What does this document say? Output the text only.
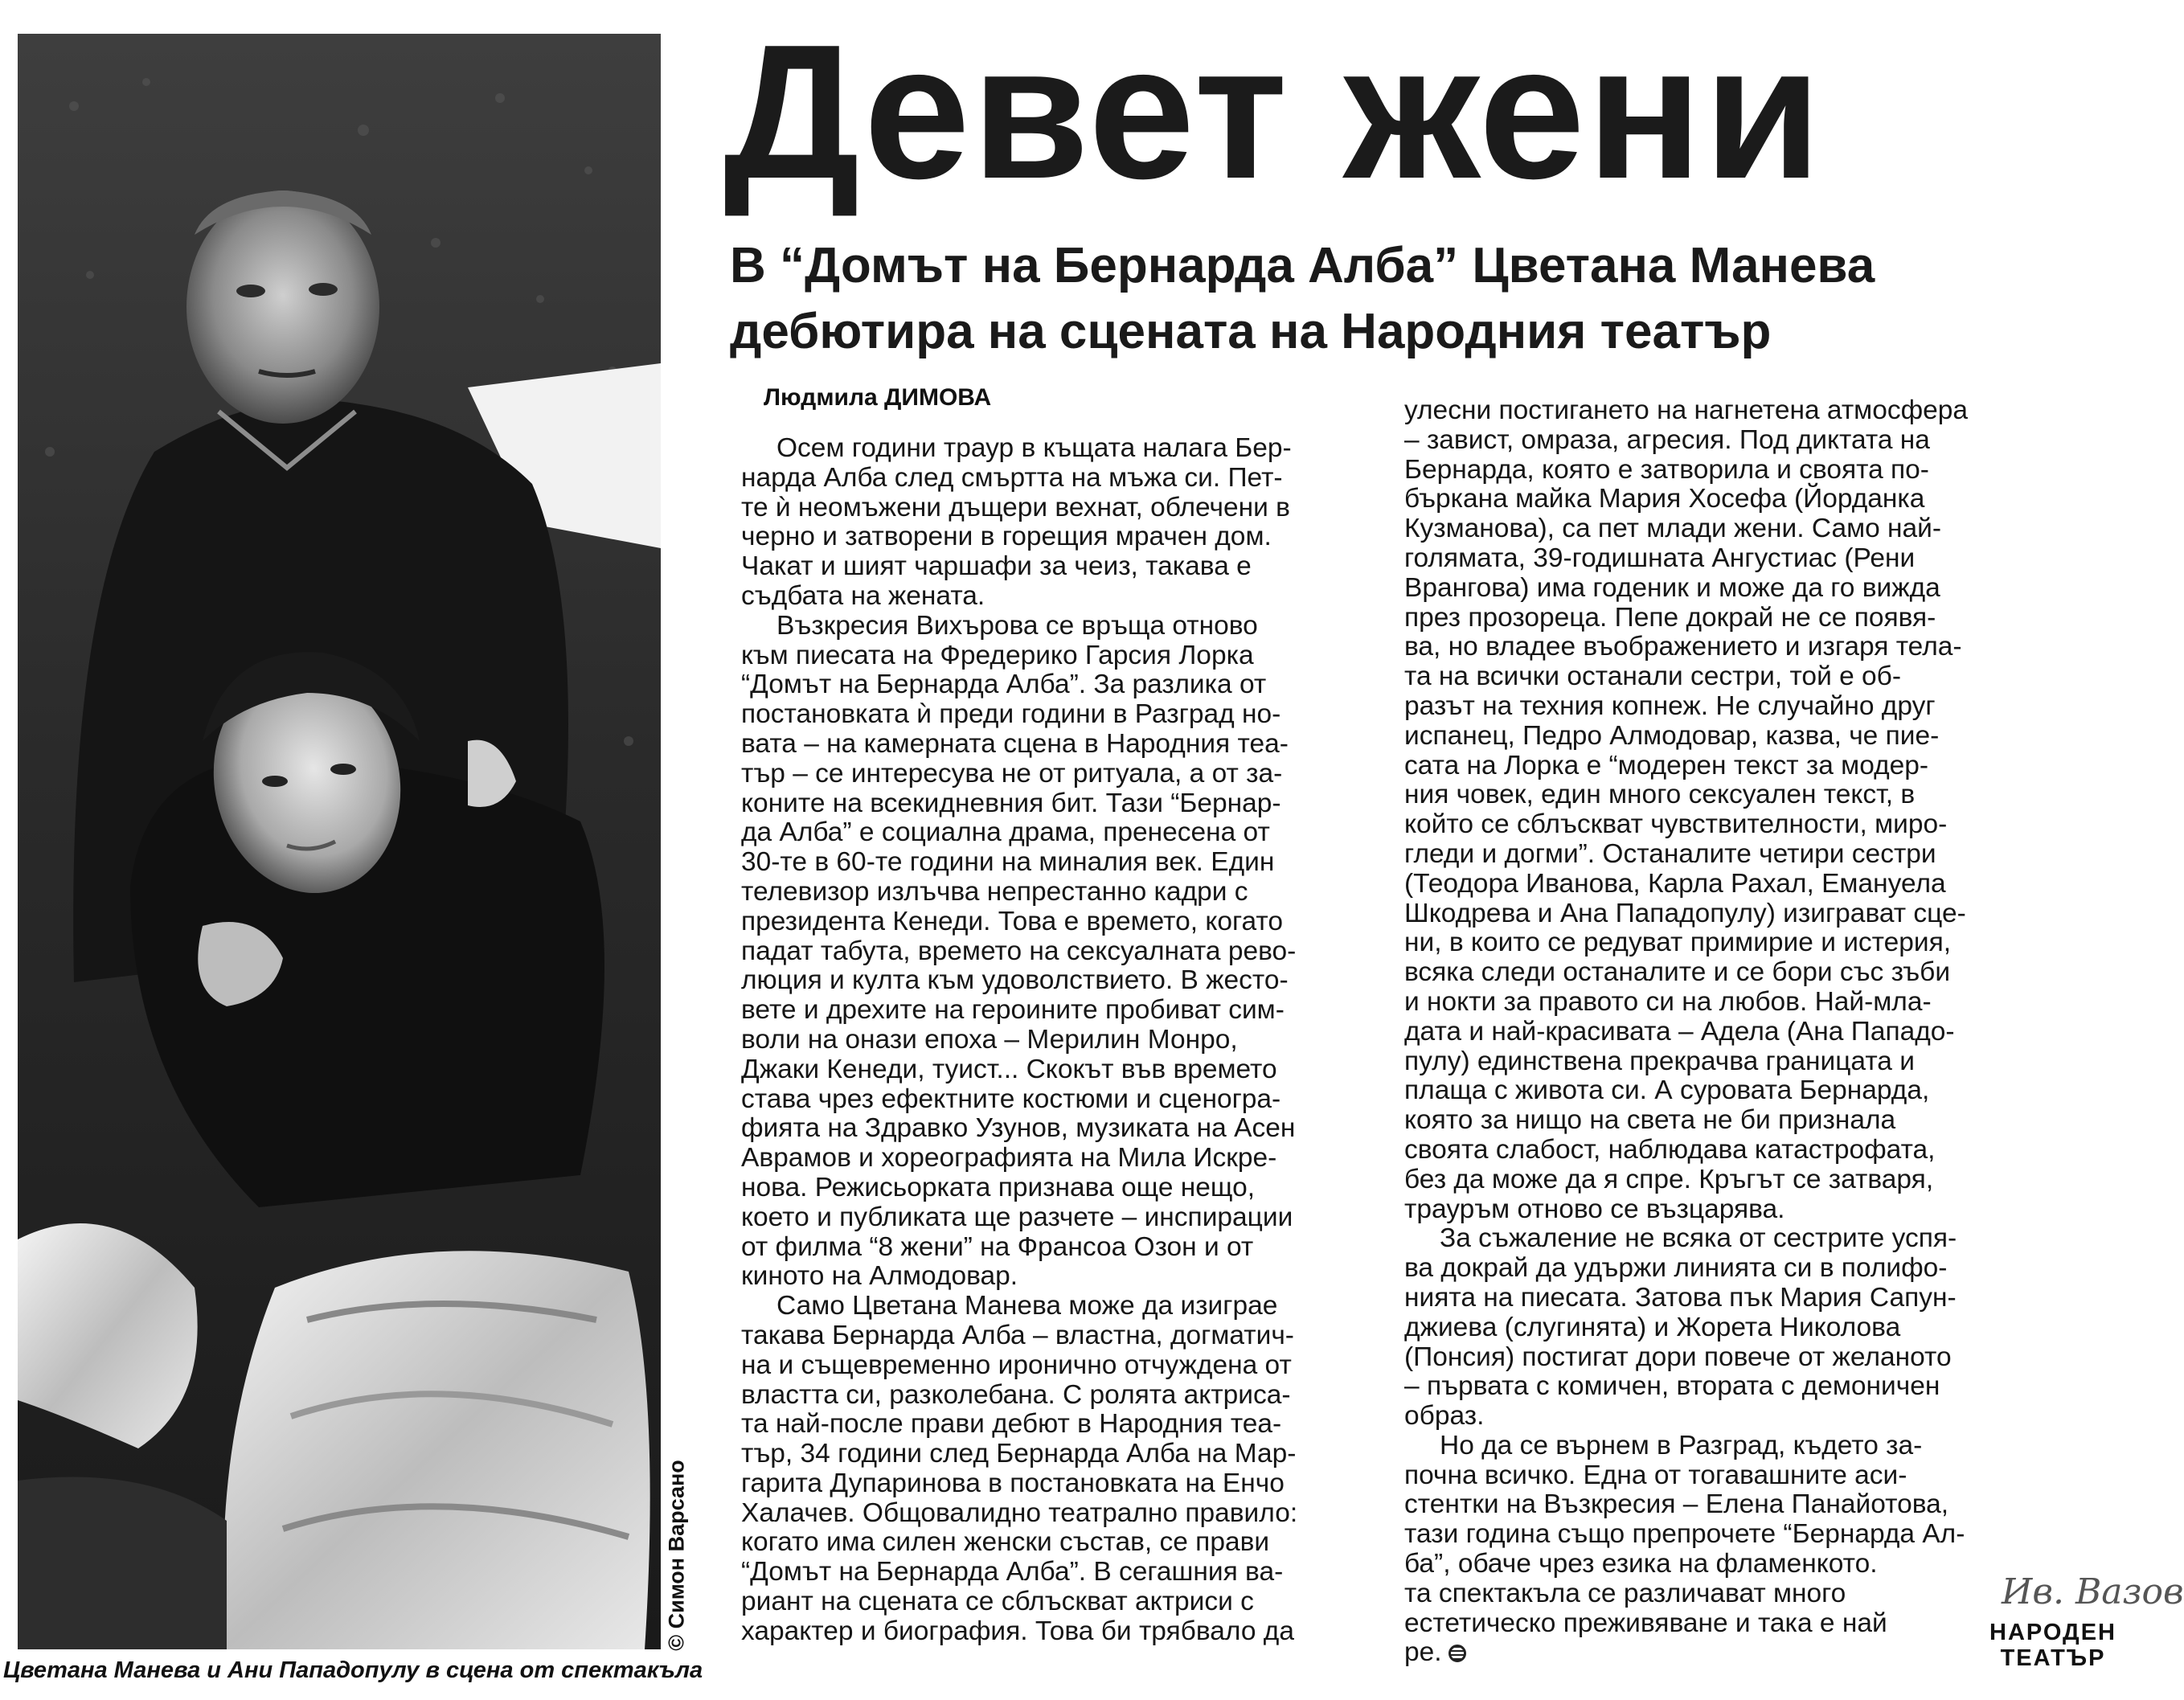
© Симон Варсано
Цветана Манева и Ани Пападопулу в сцена от спектакъла
Девет жени
В “Домът на Бернарда Алба” Цветана Манева
дебютира на сцената на Народния театър
Людмила ДИМОВА
Осем години траур в къщата налага Бер-
нарда Алба след смъртта на мъжа си. Пет-
те ѝ неомъжени дъщери вехнат, облечени в
черно и затворени в горещия мрачен дом.
Чакат и шият чаршафи за чеиз, такава е
съдбата на жената.
Възкресия Вихърова се връща отново
към пиесата на Фредерико Гарсия Лорка
“Домът на Бернарда Алба”. За разлика от
постановката ѝ преди години в Разград но-
вата – на камерната сцена в Народния теа-
тър – се интересува не от ритуала, а от за-
коните на всекидневния бит. Тази “Бернар-
да Алба” е социална драма, пренесена от
30-те в 60-те години на миналия век. Един
телевизор излъчва непрестанно кадри с
президента Кенеди. Това е времето, когато
падат табута, времето на сексуалната рево-
люция и култа към удоволствието. В жесто-
вете и дрехите на героините пробиват сим-
воли на онази епоха – Мерилин Монро,
Джаки Кенеди, туист... Скокът във времето
става чрез ефектните костюми и сценогра-
фията на Здравко Узунов, музиката на Асен
Аврамов и хореографията на Мила Искре-
нова. Режисьорката признава още нещо,
което и публиката ще разчете – инспирации
от филма “8 жени” на Франсоа Озон и от
киното на Алмодовар.
Само Цветана Манева може да изиграе
такава Бернарда Алба – властна, догматич-
на и същевременно иронично отчуждена от
властта си, разколебана. С ролята актриса-
та най-после прави дебют в Народния теа-
тър, 34 години след Бернарда Алба на Мар-
гарита Дупаринова в постановката на Енчо
Халачев. Общовалидно театрално правило:
когато има силен женски състав, се прави
“Домът на Бернарда Алба”. В сегашния ва-
риант на сцената се сблъскват актриси с
характер и биография. Това би трябвало да
улесни постигането на нагнетена атмосфера
– завист, омраза, агресия. Под диктата на
Бернарда, която е затворила и своята по-
бъркана майка Мария Хосефа (Йорданка
Кузманова), са пет млади жени. Само най-
голямата, 39-годишната Ангустиас (Рени
Врангова) има годеник и може да го вижда
през прозореца. Пепе докрай не се появя-
ва, но владее въображението и изгаря тела-
та на всички останали сестри, той е об-
разът на техния копнеж. Не случайно друг
испанец, Педро Алмодовар, казва, че пие-
сата на Лорка е “модерен текст за модер-
ния човек, един много сексуален текст, в
който се сблъскват чувствителности, миро-
гледи и догми”. Останалите четири сестри
(Теодора Иванова, Карла Рахал, Емануела
Шкодрева и Ана Пападопулу) изиграват сце-
ни, в които се редуват примирие и истерия,
всяка следи останалите и се бори със зъби
и нокти за правото си на любов. Най-мла-
дата и най-красивата – Адела (Ана Пападо-
пулу) единствена прекрачва границата и
плаща с живота си. А суровата Бернарда,
която за нищо на света не би признала
своята слабост, наблюдава катастрофата,
без да може да я спре. Кръгът се затваря,
трауръм отново се възцарява.
За съжаление не всяка от сестрите успя-
ва докрай да удържи линията си в полифо-
нията на пиесата. Затова пък Мария Сапун-
джиева (слугинята) и Жорета Николова
(Понсия) постигат дори повече от желаното
– първата с комичен, втората с демоничен
образ.
Но да се върнем в Разград, където за-
почна всичко. Една от тогавашните аси-
стентки на Възкресия – Елена Панайотова,
тази година също препрочете “Бернарда Ал-
ба”, обаче чрез езика на фламенкото.
та спектакъла се различават много
естетическо преживяване и така е най
ре.
Ив. Вазов
НАРОДЕН
ТЕАТЪР
